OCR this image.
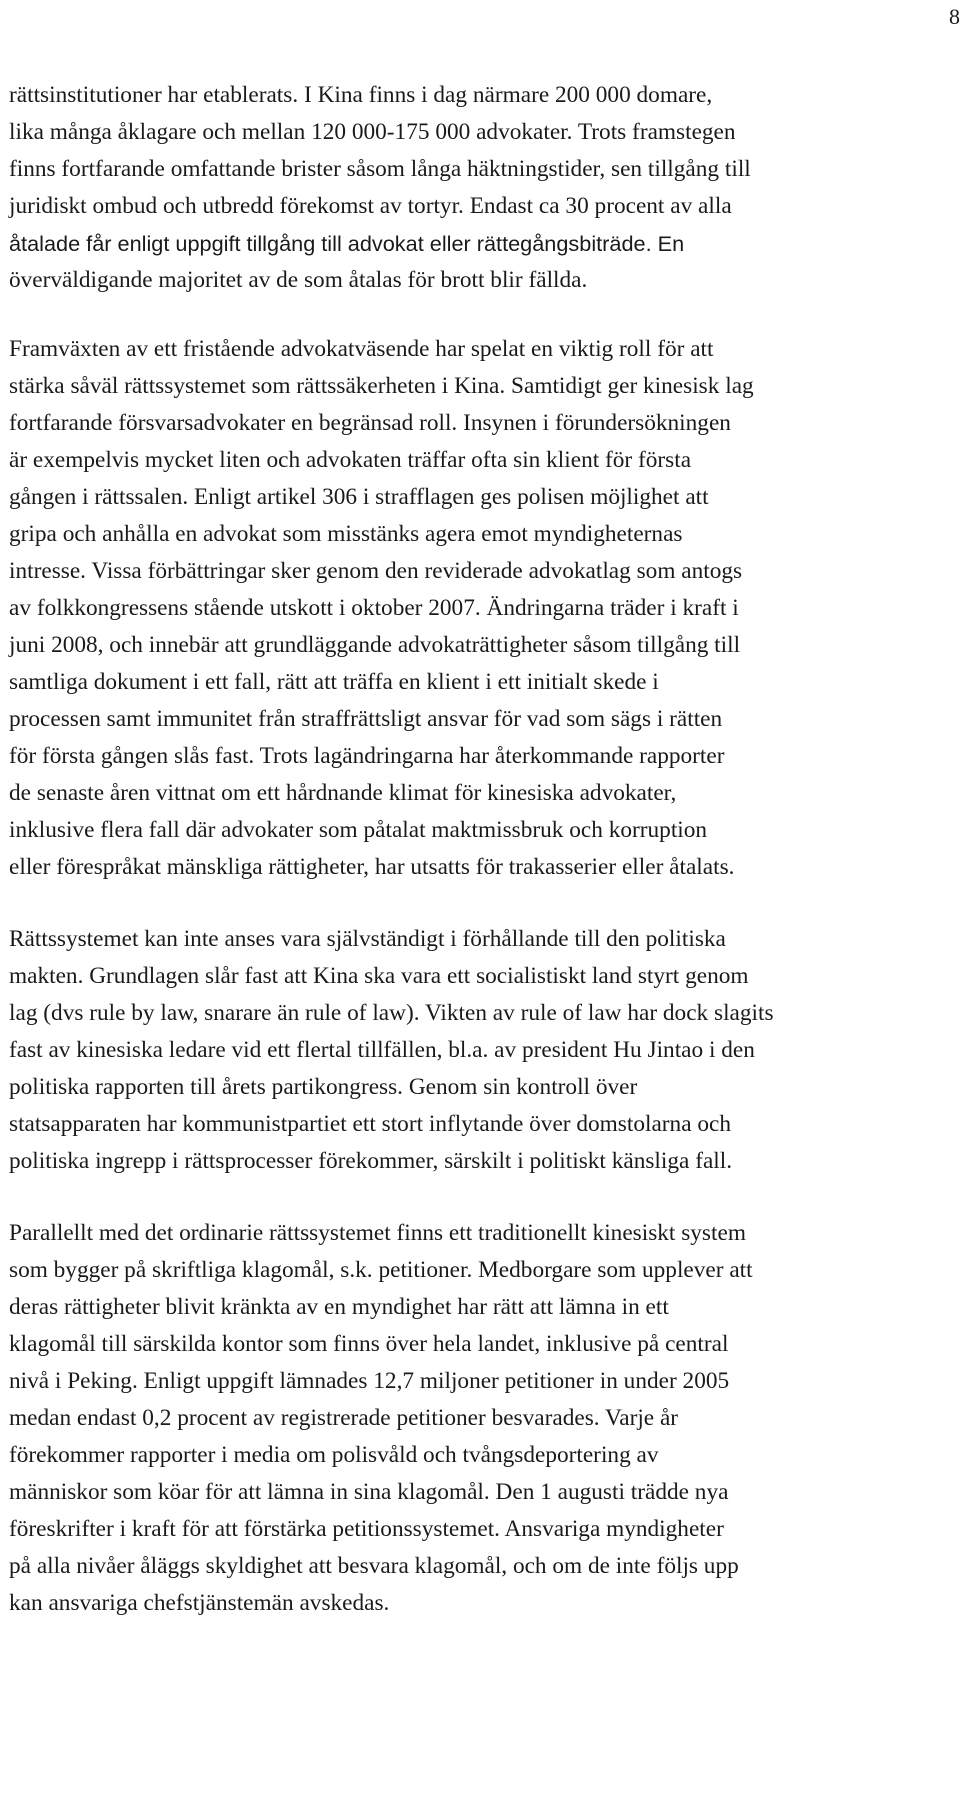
8
rättsinstitutioner har etablerats. I Kina finns i dag närmare 200 000 domare,
lika många åklagare och mellan 120 000-175 000 advokater. Trots framstegen
finns fortfarande omfattande brister såsom långa häktningstider, sen tillgång till
juridiskt ombud och utbredd förekomst av tortyr. Endast ca 30 procent av alla
åtalade får enligt uppgift tillgång till advokat eller rättegångsbiträde. En
överväldigande majoritet av de som åtalas för brott blir fällda.
Framväxten av ett fristående advokatväsende har spelat en viktig roll för att
stärka såväl rättssystemet som rättssäkerheten i Kina. Samtidigt ger kinesisk lag
fortfarande försvarsadvokater en begränsad roll. Insynen i förundersökningen
är exempelvis mycket liten och advokaten träffar ofta sin klient för första
gången i rättssalen. Enligt artikel 306 i strafflagen ges polisen möjlighet att
gripa och anhålla en advokat som misstänks agera emot myndigheternas
intresse. Vissa förbättringar sker genom den reviderade advokatlag som antogs
av folkkongressens stående utskott i oktober 2007. Ändringarna träder i kraft i
juni 2008, och innebär att grundläggande advokaträttigheter såsom tillgång till
samtliga dokument i ett fall, rätt att träffa en klient i ett initialt skede i
processen samt immunitet från straffrättsligt ansvar för vad som sägs i rätten
för första gången slås fast. Trots lagändringarna har återkommande rapporter
de senaste åren vittnat om ett hårdnande klimat för kinesiska advokater,
inklusive flera fall där advokater som påtalat maktmissbruk och korruption
eller förespråkat mänskliga rättigheter, har utsatts för trakasserier eller åtalats.
Rättssystemet kan inte anses vara självständigt i förhållande till den politiska
makten. Grundlagen slår fast att Kina ska vara ett socialistiskt land styrt genom
lag (dvs rule by law, snarare än rule of law). Vikten av rule of law har dock slagits
fast av kinesiska ledare vid ett flertal tillfällen, bl.a. av president Hu Jintao i den
politiska rapporten till årets partikongress. Genom sin kontroll över
statsapparaten har kommunistpartiet ett stort inflytande över domstolarna och
politiska ingrepp i rättsprocesser förekommer, särskilt i politiskt känsliga fall.
Parallellt med det ordinarie rättssystemet finns ett traditionellt kinesiskt system
som bygger på skriftliga klagomål, s.k. petitioner. Medborgare som upplever att
deras rättigheter blivit kränkta av en myndighet har rätt att lämna in ett
klagomål till särskilda kontor som finns över hela landet, inklusive på central
nivå i Peking. Enligt uppgift lämnades 12,7 miljoner petitioner in under 2005
medan endast 0,2 procent av registrerade petitioner besvarades. Varje år
förekommer rapporter i media om polisvåld och tvångsdeportering av
människor som köar för att lämna in sina klagomål. Den 1 augusti trädde nya
föreskrifter i kraft för att förstärka petitionssystemet. Ansvariga myndigheter
på alla nivåer åläggs skyldighet att besvara klagomål, och om de inte följs upp
kan ansvariga chefstjänstemän avskedas.
